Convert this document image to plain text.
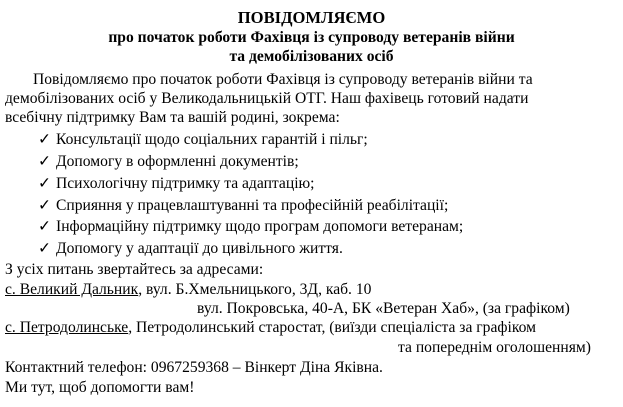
ПОВІДОМЛЯЄМО
про початок роботи Фахівця із супроводу ветеранів війни
та демобілізованих осіб
Повідомляємо про початок роботи Фахівця із супроводу ветеранів війни та
демобілізованих осіб у Великодальницькій ОТГ. Наш фахівець готовий надати
всебічну підтримку Вам та вашій родині, зокрема:
✓ Консультації щодо соціальних гарантій і пільг;
✓ Допомогу в оформленні документів;
✓ Психологічну підтримку та адаптацію;
✓ Сприяння у працевлаштуванні та професійній реабілітації;
✓ Інформаційну підтримку щодо програм допомоги ветеранам;
✓ Допомогу у адаптації до цивільного життя.
З усіх питань звертайтесь за адресами:
с. Великий Дальник, вул. Б.Хмельницького, 3Д, каб. 10
вул. Покровська, 40-А, БК «Ветеран Хаб», (за графіком)
с. Петродолинське, Петродолинський старостат, (виїзди спеціаліста за графіком
та попереднім оголошенням)
Контактний телефон: 0967259368 – Вінкерт Діна Яківна.
Ми тут, щоб допомогти вам!
